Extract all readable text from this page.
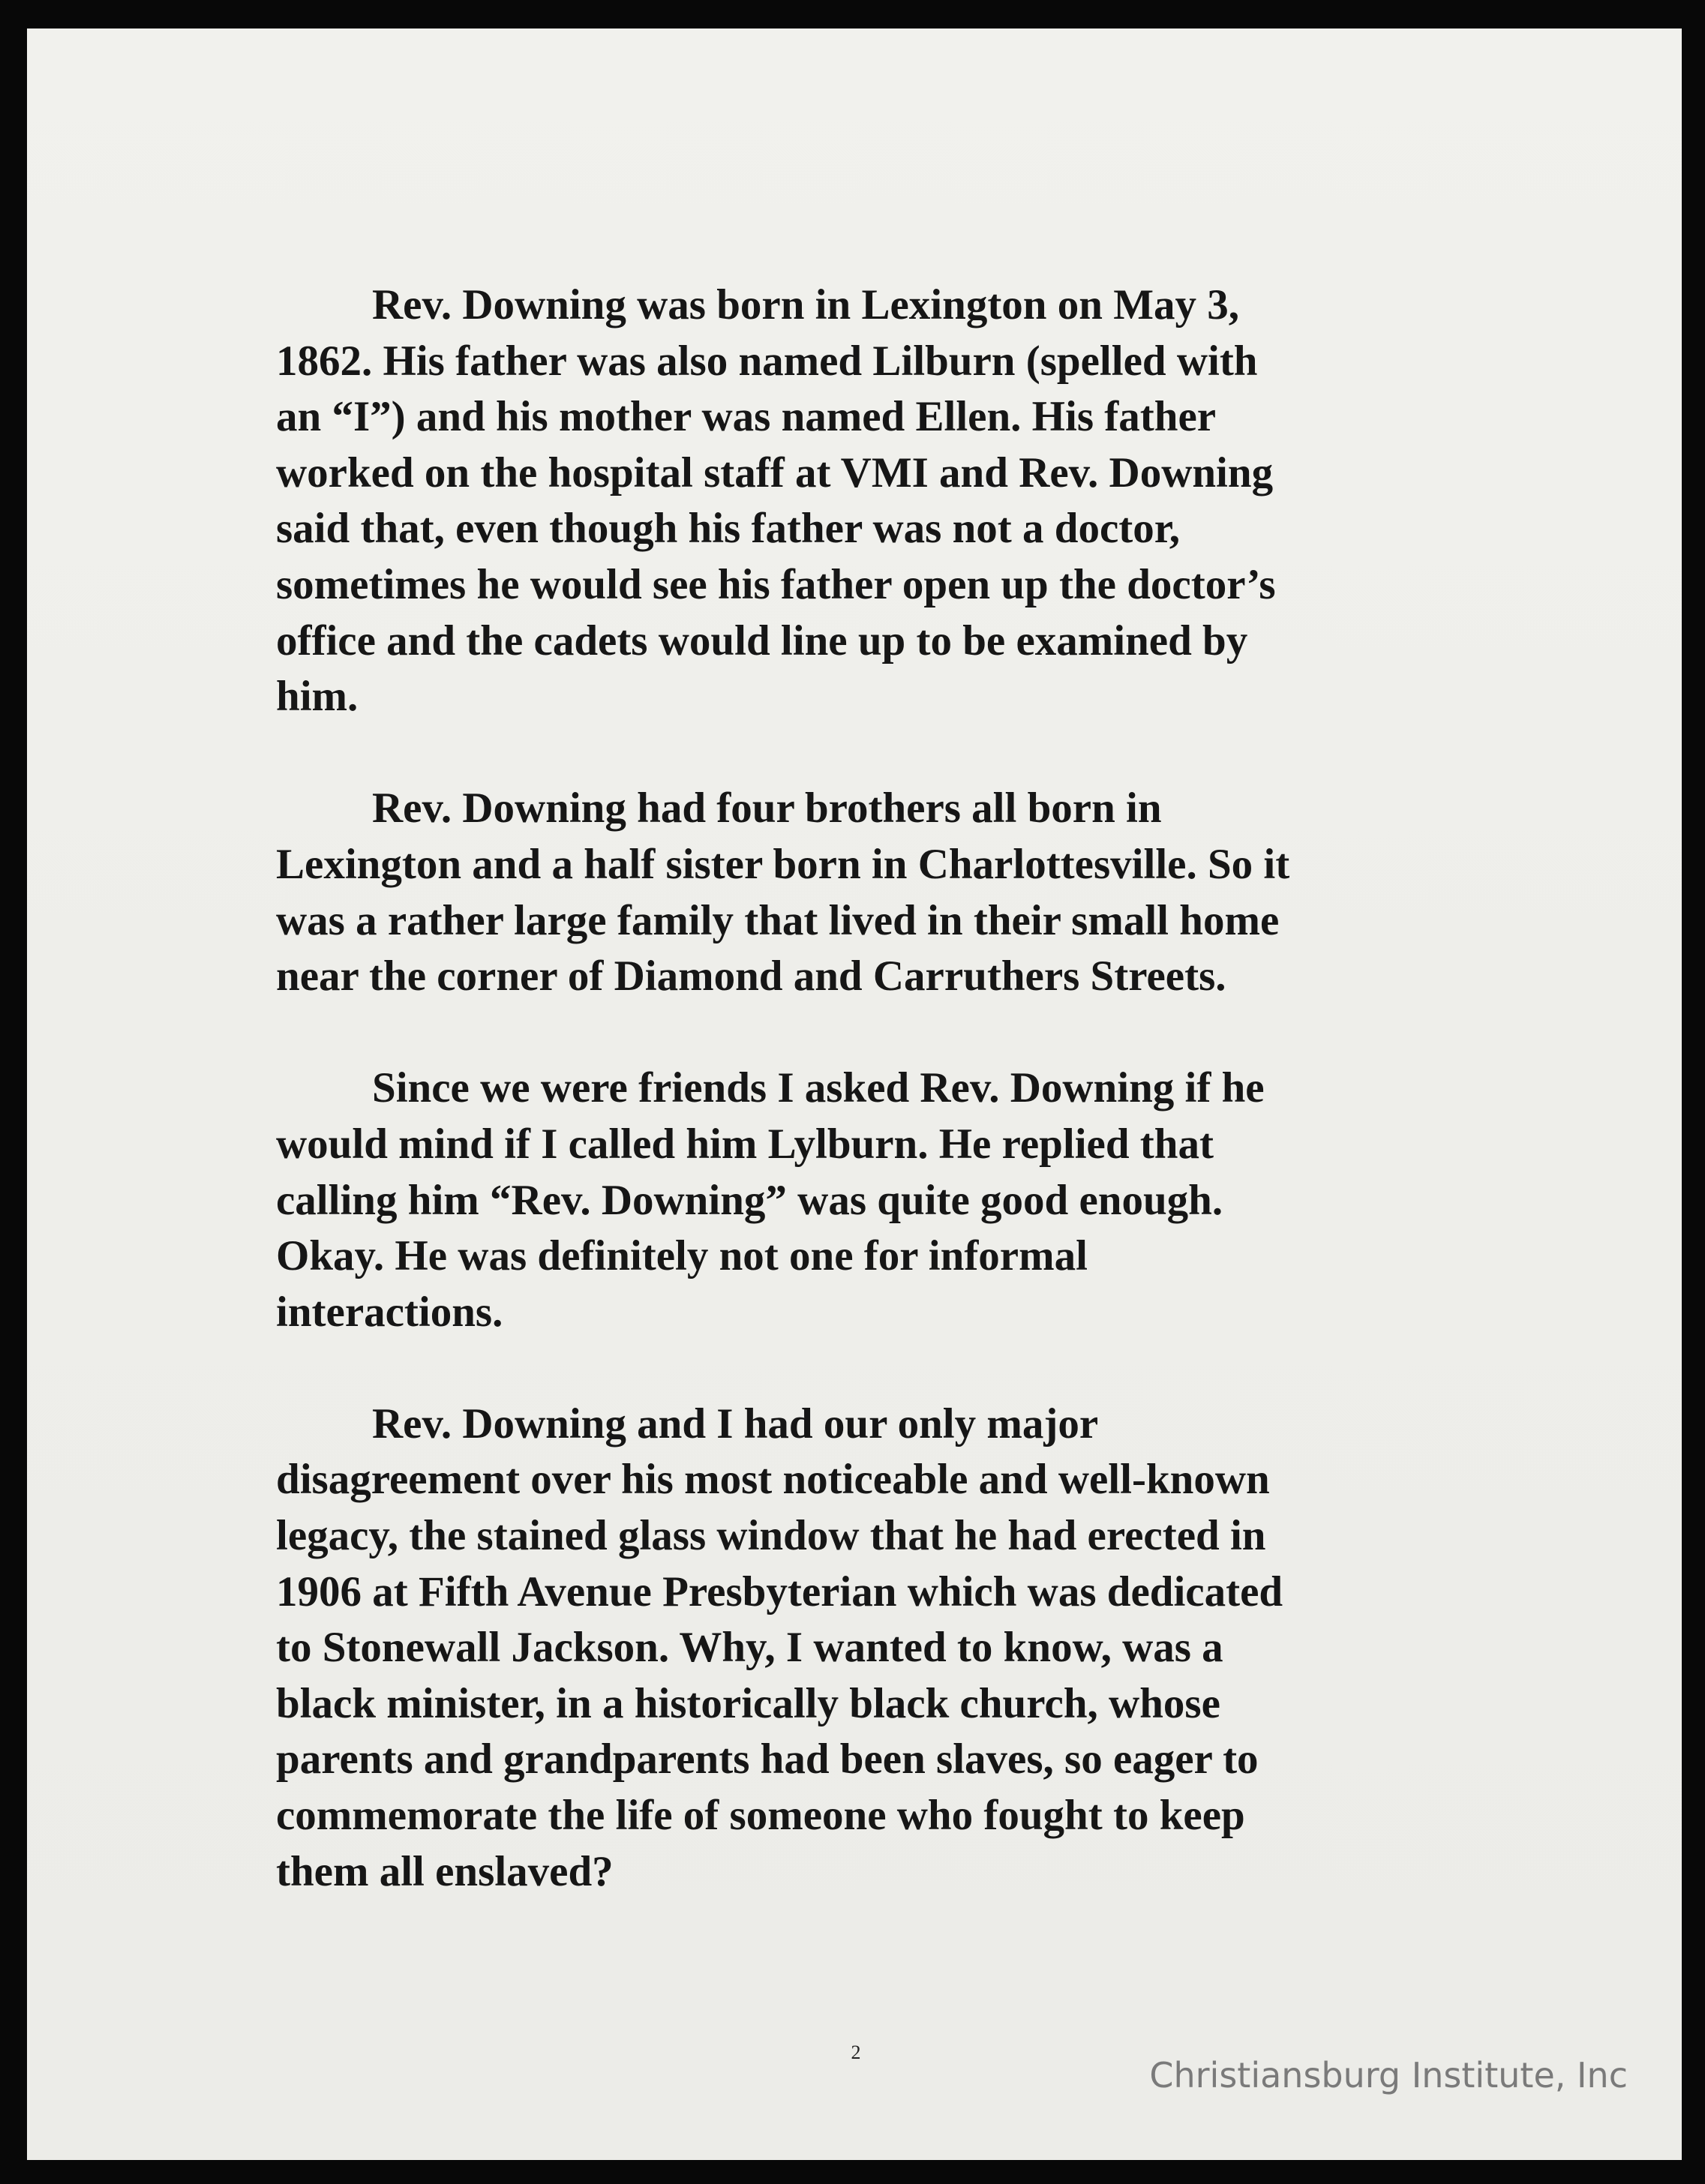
Rev. Downing was born in Lexington on May 3,
1862. His father was also named Lilburn (spelled with
an “I”) and his mother was named Ellen. His father
worked on the hospital staff at VMI and Rev. Downing
said that, even though his father was not a doctor,
sometimes he would see his father open up the doctor’s
office and the cadets would line up to be examined by
him.

Rev. Downing had four brothers all born in
Lexington and a half sister born in Charlottesville. So it
was a rather large family that lived in their small home
near the corner of Diamond and Carruthers Streets.

Since we were friends I asked Rev. Downing if he
would mind if I called him Lylburn. He replied that
calling him “Rev. Downing” was quite good enough.
Okay. He was definitely not one for informal
interactions.

Rev. Downing and I had our only major
disagreement over his most noticeable and well-known
legacy, the stained glass window that he had erected in
1906 at Fifth Avenue Presbyterian which was dedicated
to Stonewall Jackson. Why, I wanted to know, was a
black minister, in a historically black church, whose
parents and grandparents had been slaves, so eager to
commemorate the life of someone who fought to keep
them all enslaved?

2
Christiansburg Institute, Inc
